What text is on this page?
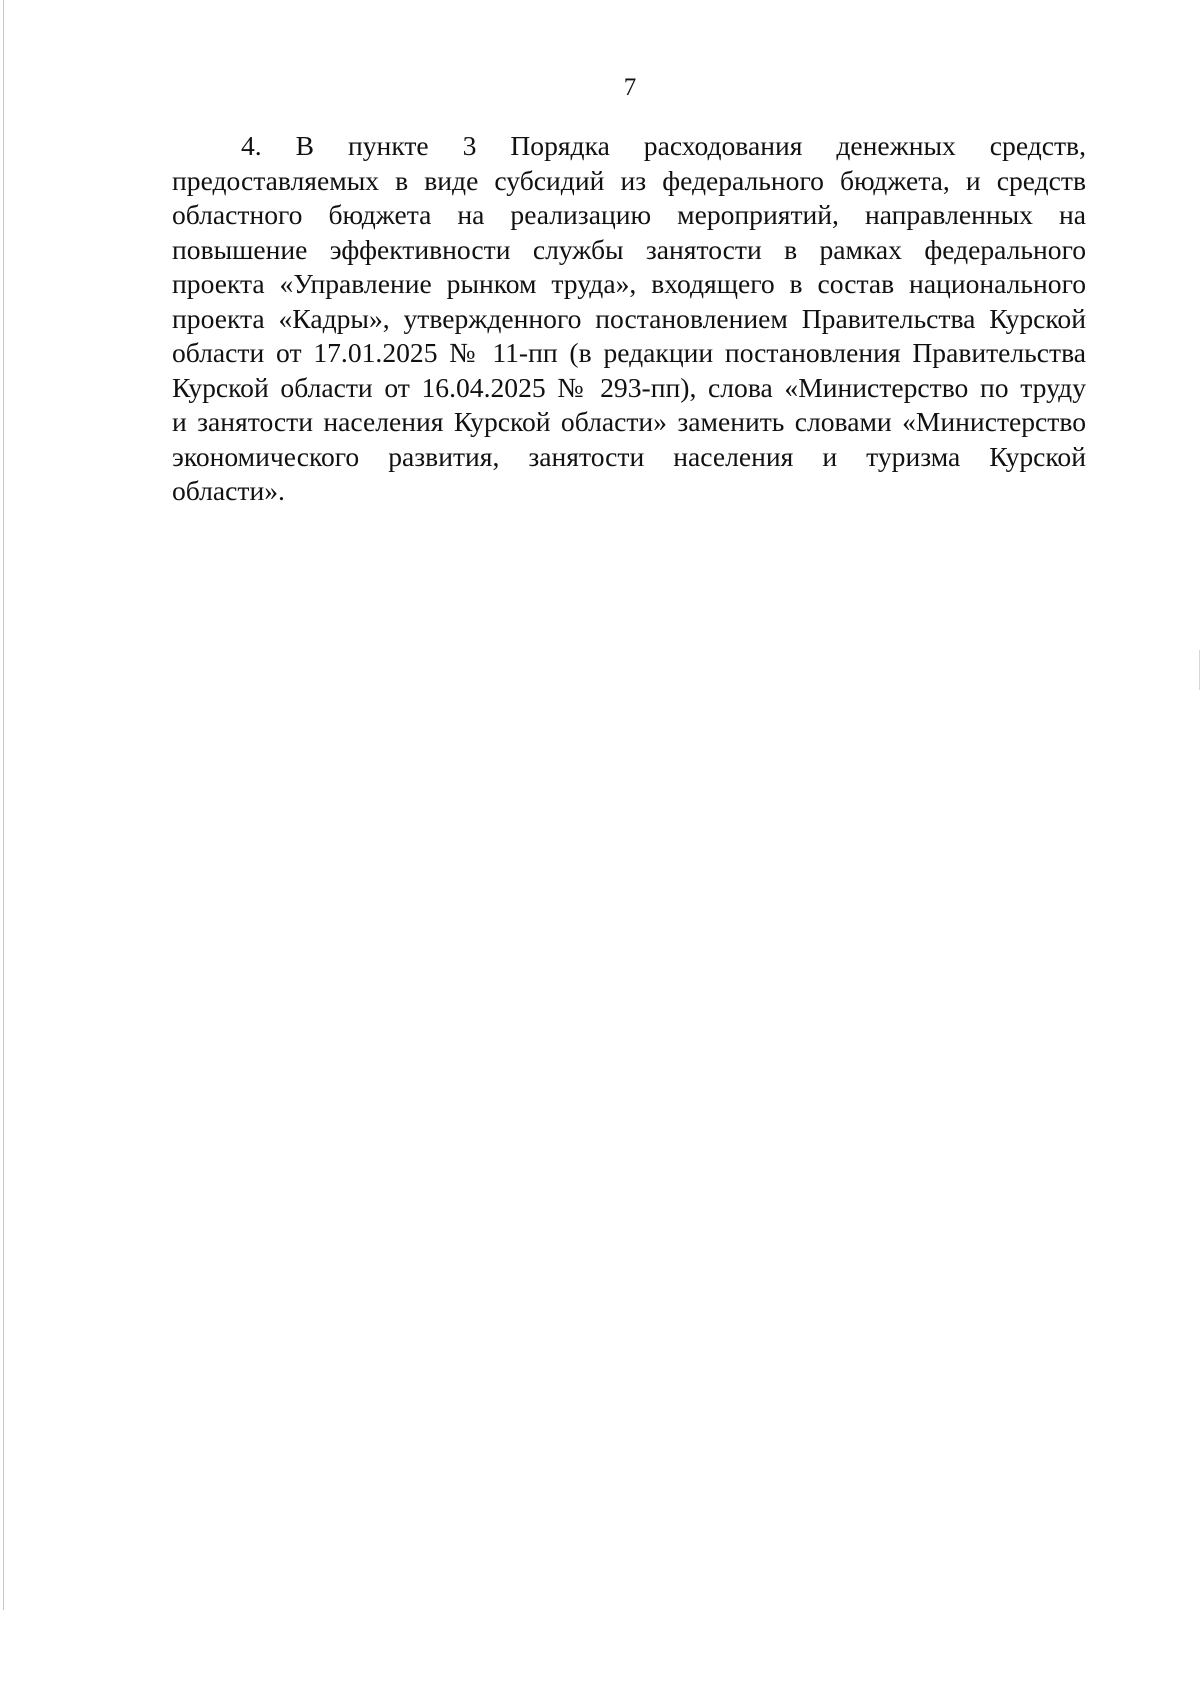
7
4. В пункте 3 Порядка расходования денежных средств,
предоставляемых в виде субсидий из федерального бюджета, и средств
областного бюджета на реализацию мероприятий, направленных на
повышение эффективности службы занятости в рамках федерального
проекта «Управление рынком труда», входящего в состав национального
проекта «Кадры», утвержденного постановлением Правительства Курской
области от 17.01.2025 № 11-пп (в редакции постановления Правительства
Курской области от 16.04.2025 № 293-пп), слова «Министерство по труду
и занятости населения Курской области» заменить словами «Министерство
экономического развития, занятости населения и туризма Курской
области».
